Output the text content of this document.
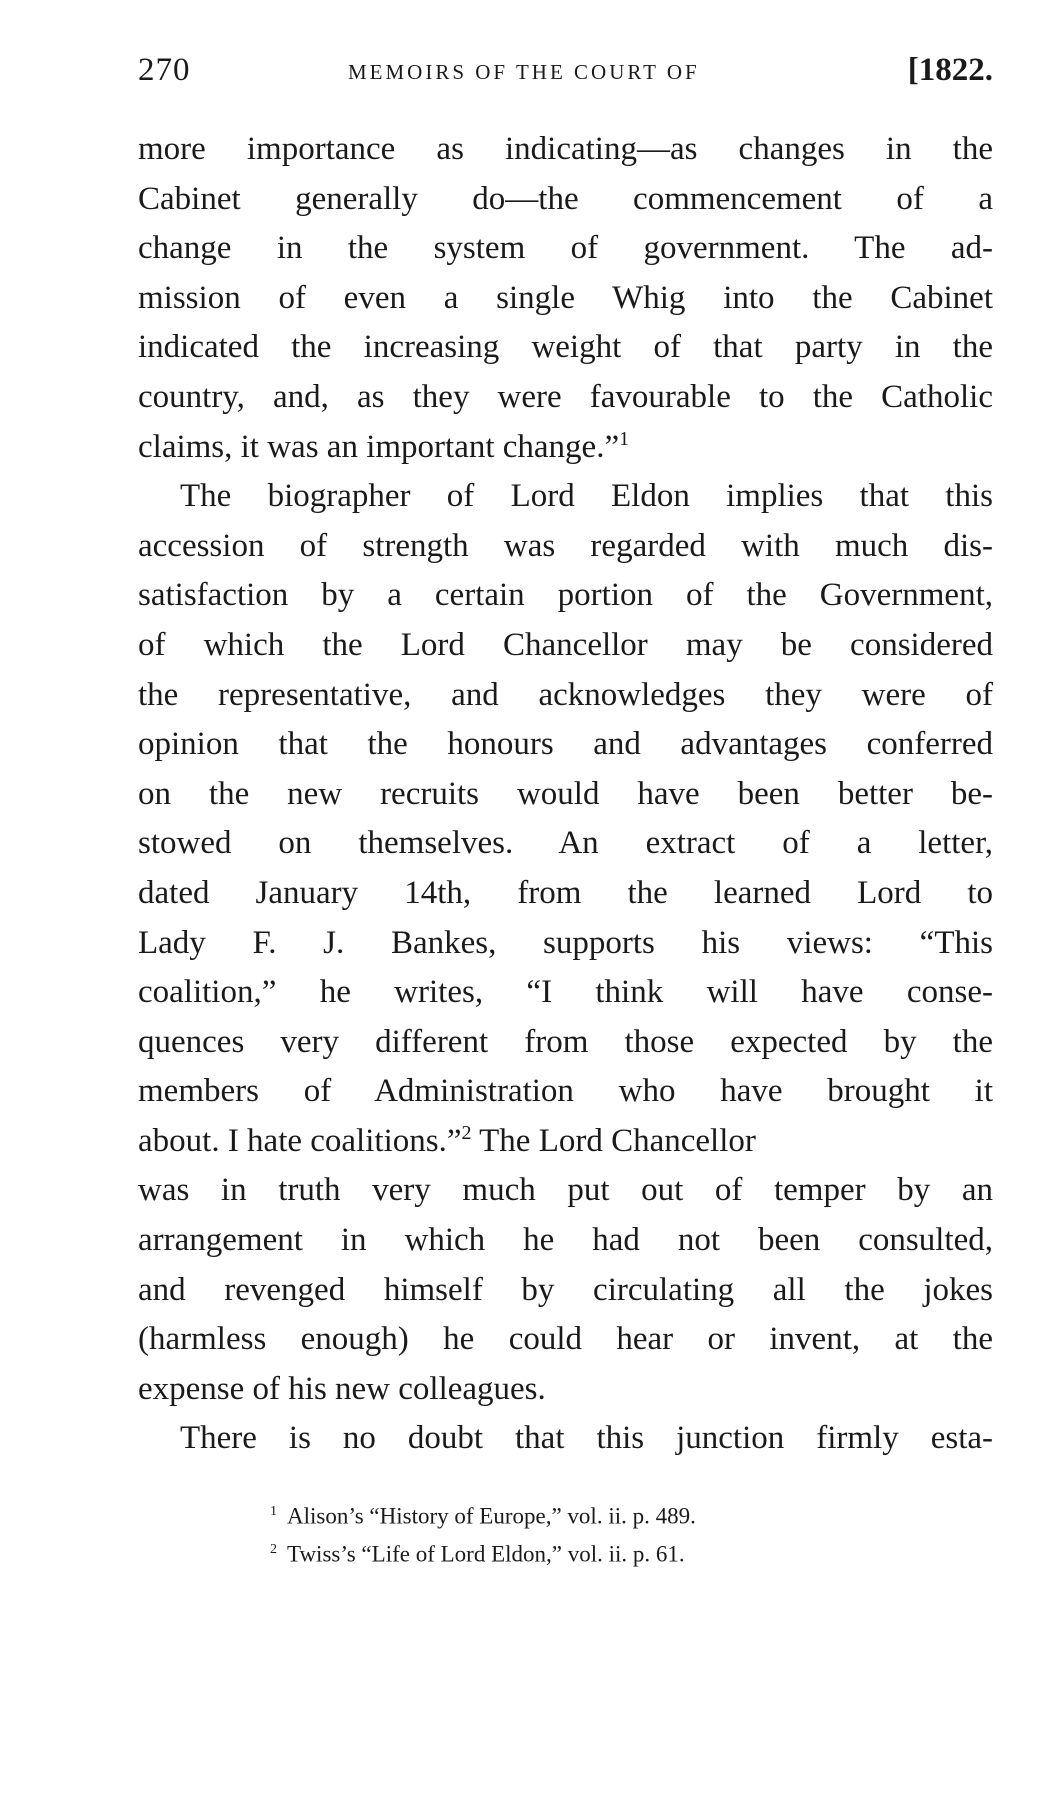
270	MEMOIRS OF THE COURT OF	[1822.
more importance as indicating—as changes in the
Cabinet generally do—the commencement of a
change in the system of government. The ad-
mission of even a single Whig into the Cabinet
indicated the increasing weight of that party in the
country, and, as they were favourable to the Catholic
claims, it was an important change.”$^1$
The biographer of Lord Eldon implies that this
accession of strength was regarded with much dis-
satisfaction by a certain portion of the Government,
of which the Lord Chancellor may be considered
the representative, and acknowledges they were of
opinion that the honours and advantages conferred
on the new recruits would have been better be-
stowed on themselves. An extract of a letter,
dated January 14th, from the learned Lord to
Lady F. J. Bankes, supports his views: “This
coalition,” he writes, “I think will have conse-
quences very different from those expected by the
members of Administration who have brought it
about. I hate coalitions.”$^2$ The Lord Chancellor
was in truth very much put out of temper by an
arrangement in which he had not been consulted,
and revenged himself by circulating all the jokes
(harmless enough) he could hear or invent, at the
expense of his new colleagues.
There is no doubt that this junction firmly esta-
$^1$ Alison’s “History of Europe,” vol. ii. p. 489.
$^2$ Twiss’s “Life of Lord Eldon,” vol. ii. p. 61.
